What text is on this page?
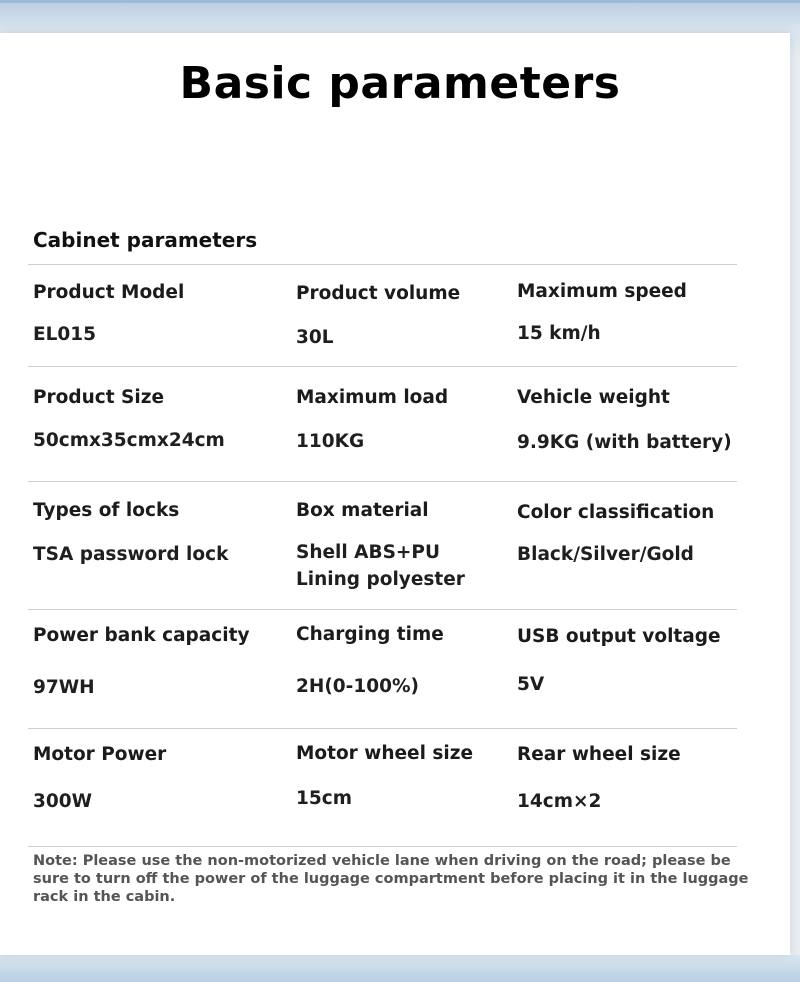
Basic parameters
Cabinet parameters
Product Model
EL015
Product volume
30L
Maximum speed
15 km/h
Product Size
50cmx35cmx24cm
Maximum load
110KG
Vehicle weight
9.9KG (with battery)
Types of locks
TSA password lock
Box material
Shell ABS+PU
Lining polyester
Color classification
Black/Silver/Gold
Power bank capacity
97WH
Charging time
2H(0-100%)
USB output voltage
5V
Motor Power
300W
Motor wheel size
15cm
Rear wheel size
14cm×2
Note: Please use the non-motorized vehicle lane when driving on the road; please be sure to turn off the power of the luggage compartment before placing it in the luggage rack in the cabin.
